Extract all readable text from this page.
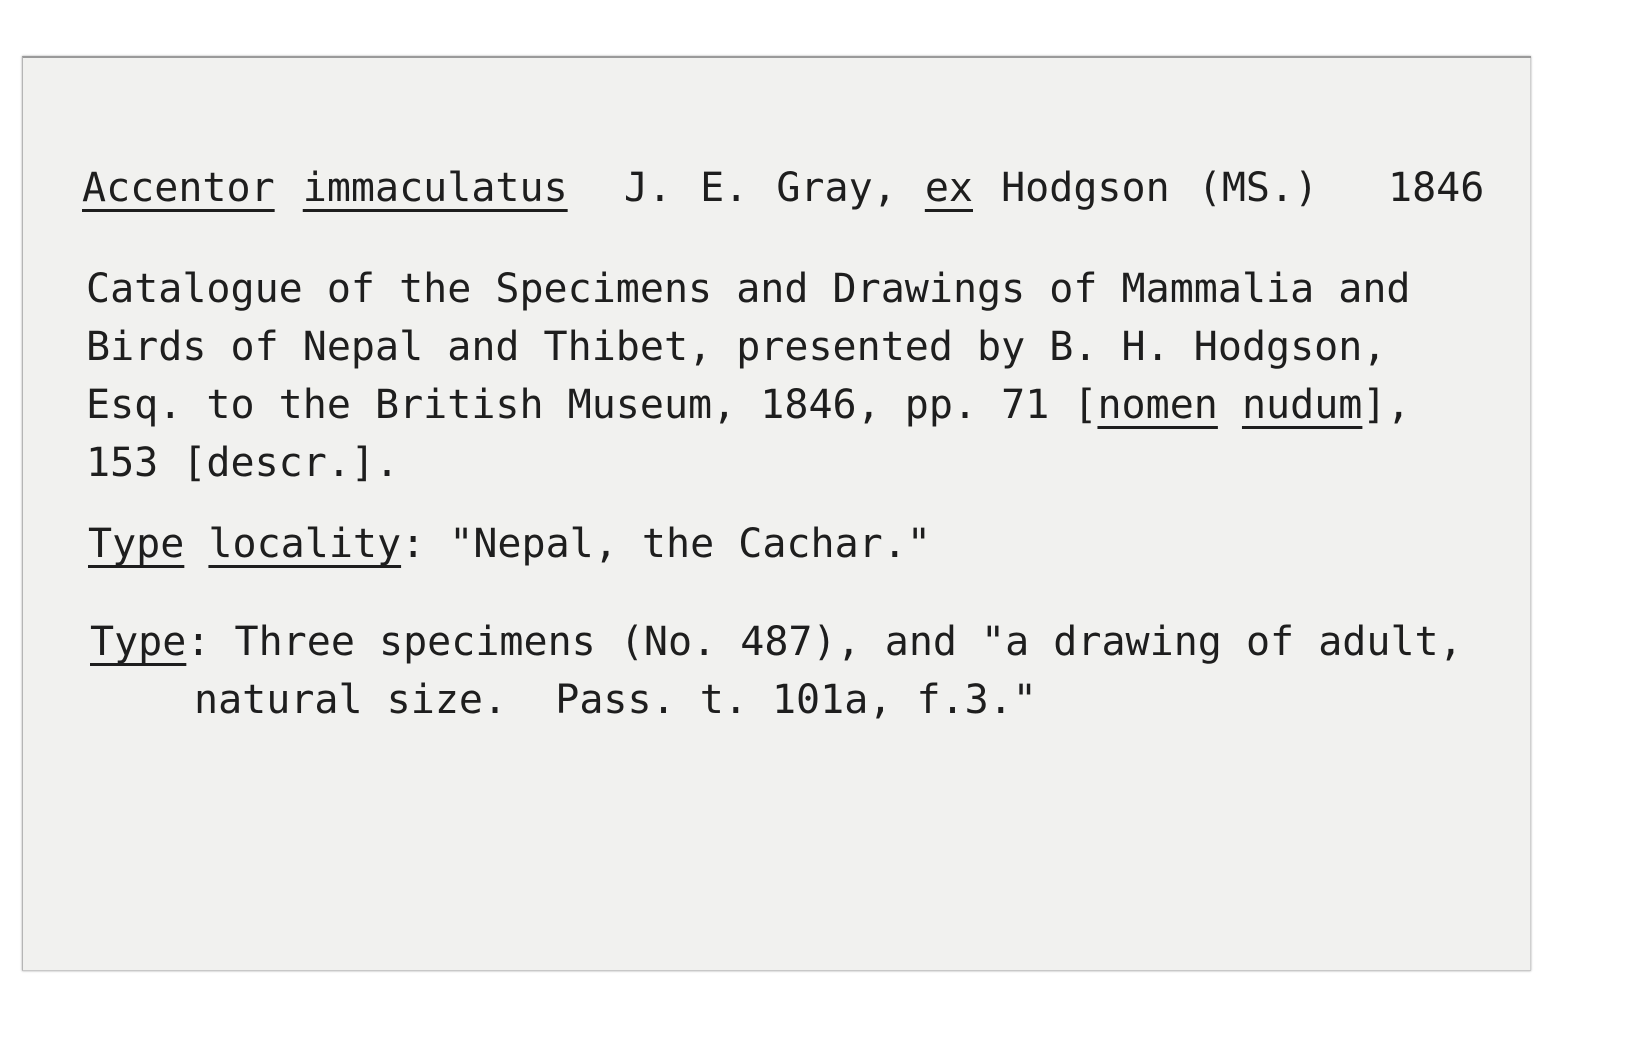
Accentor immaculatus J. E. Gray, ex Hodgson (MS.) 1846

Catalogue of the Specimens and Drawings of Mammalia and
Birds of Nepal and Thibet, presented by B. H. Hodgson,
Esq. to the British Museum, 1846, pp. 71 [nomen nudum],
153 [descr.].

Type locality: "Nepal, the Cachar."

Type: Three specimens (No. 487), and "a drawing of adult,

natural size.  Pass. t. 101a, f.3."
